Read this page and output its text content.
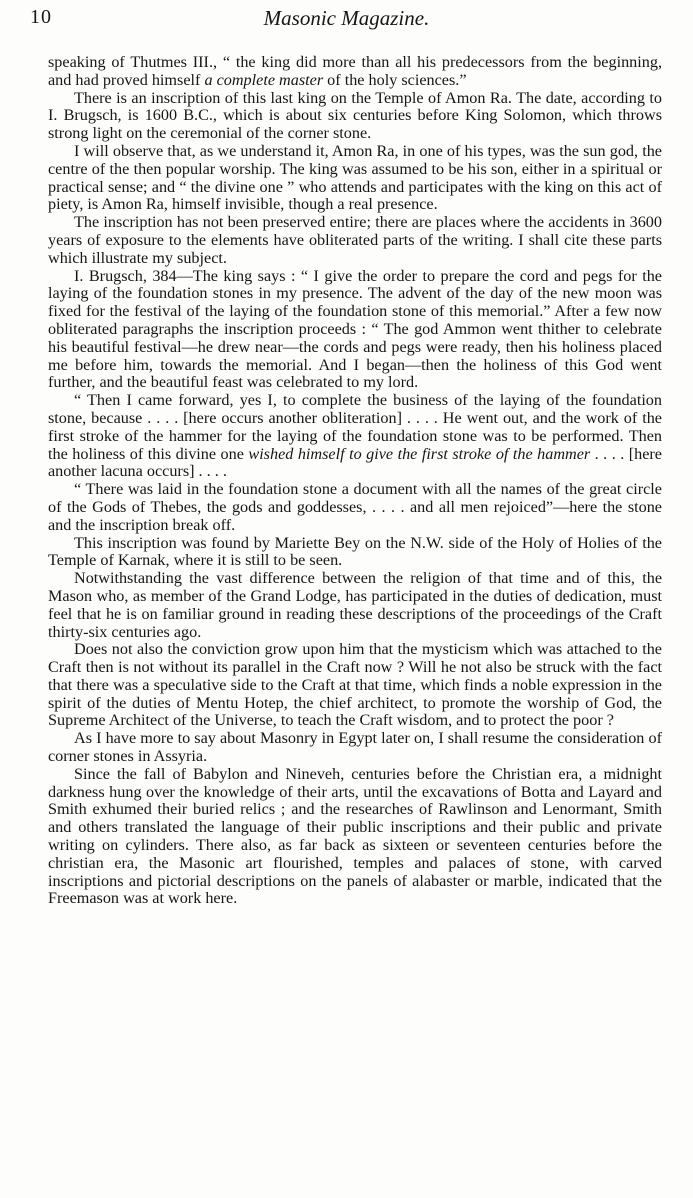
10	Masonic Magazine.

speaking of Thutmes III., “ the king did more than all his predecessors from the beginning, and had proved himself a complete master of the holy sciences.”

There is an inscription of this last king on the Temple of Amon Ra. The date, according to I. Brugsch, is 1600 B.C., which is about six centuries before King Solomon, which throws strong light on the ceremonial of the corner stone.

I will observe that, as we understand it, Amon Ra, in one of his types, was the sun god, the centre of the then popular worship. The king was assumed to be his son, either in a spiritual or practical sense; and “ the divine one ” who attends and participates with the king on this act of piety, is Amon Ra, himself invisible, though a real presence.

The inscription has not been preserved entire; there are places where the accidents in 3600 years of exposure to the elements have obliterated parts of the writing. I shall cite these parts which illustrate my subject.

I. Brugsch, 384—The king says : “ I give the order to prepare the cord and pegs for the laying of the foundation stones in my presence. The advent of the day of the new moon was fixed for the festival of the laying of the foundation stone of this memorial.” After a few now obliterated paragraphs the inscription proceeds : “ The god Ammon went thither to celebrate his beautiful festival—he drew near—the cords and pegs were ready, then his holiness placed me before him, towards the memorial. And I began—then the holiness of this God went further, and the beautiful feast was celebrated to my lord.

“ Then I came forward, yes I, to complete the business of the laying of the foundation stone, because . . . . [here occurs another obliteration] . . . . He went out, and the work of the first stroke of the hammer for the laying of the foundation stone was to be performed. Then the holiness of this divine one wished himself to give the first stroke of the hammer . . . . [here another lacuna occurs] . . . .

“ There was laid in the foundation stone a document with all the names of the great circle of the Gods of Thebes, the gods and goddesses, . . . . and all men rejoiced”—here the stone and the inscription break off.

This inscription was found by Mariette Bey on the N.W. side of the Holy of Holies of the Temple of Karnak, where it is still to be seen.

Notwithstanding the vast difference between the religion of that time and of this, the Mason who, as member of the Grand Lodge, has participated in the duties of dedication, must feel that he is on familiar ground in reading these descriptions of the proceedings of the Craft thirty-six centuries ago.

Does not also the conviction grow upon him that the mysticism which was attached to the Craft then is not without its parallel in the Craft now ? Will he not also be struck with the fact that there was a speculative side to the Craft at that time, which finds a noble expression in the spirit of the duties of Mentu Hotep, the chief architect, to promote the worship of God, the Supreme Architect of the Universe, to teach the Craft wisdom, and to protect the poor ?

As I have more to say about Masonry in Egypt later on, I shall resume the consideration of corner stones in Assyria.

Since the fall of Babylon and Nineveh, centuries before the Christian era, a midnight darkness hung over the knowledge of their arts, until the excavations of Botta and Layard and Smith exhumed their buried relics ; and the researches of Rawlinson and Lenormant, Smith and others translated the language of their public inscriptions and their public and private writing on cylinders. There also, as far back as sixteen or seventeen centuries before the christian era, the Masonic art flourished, temples and palaces of stone, with carved inscriptions and pictorial descriptions on the panels of alabaster or marble, indicated that the Freemason was at work here.
